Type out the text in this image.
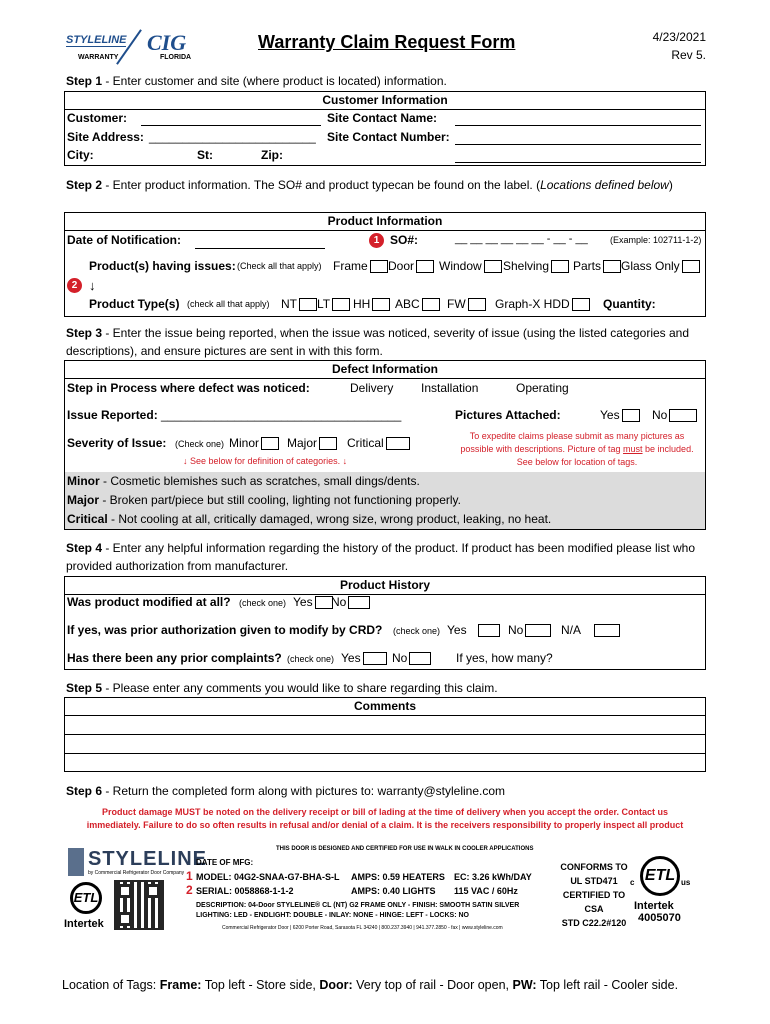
STYLELINE CIG
WARRANTY	FLORIDA
Warranty Claim Request Form	4/23/2021
Rev 5.
Step 1 - Enter customer and site (where product is located) information.
Customer Information
Customer:	Site Contact Name:
Site Address: _________________________ Site Contact Number:
City:	St:	Zip:
Step 2 - Enter product information. The SO# and product typecan be found on the label. (Locations defined below)
Product Information
Date of Notification:	1 SO#:	__ __ __ __ __ __ - __ - __ (Example: 102711-1-2)
Product(s) having issues: (Check all that apply) Frame	Door	Window	Shelving	Parts	Glass Only
2 ↓
Product Type(s) (check all that apply) NT	LT	HH	ABC	FW	Graph-X HDD	Quantity:
Step 3 - Enter the issue being reported, when the issue was noticed, severity of issue (using the listed categories and descriptions), and ensure pictures are sent in with this form.
Defect Information
Step in Process where defect was noticed:	Delivery Installation	Operating
Issue Reported: ____________________________________	Pictures Attached:	Yes	No
Severity of Issue: (Check one) Minor	Major	Critical	To expedite claims please submit as many pictures as
possible with descriptions. Picture of tag must be included.
See below for location of tags.
↓ See below for definition of categories. ↓
Minor - Cosmetic blemishes such as scratches, small dings/dents.
Major - Broken part/piece but still cooling, lighting not functioning properly.
Critical - Not cooling at all, critically damaged, wrong size, wrong product, leaking, no heat.
Step 4 - Enter any helpful information regarding the history of the product. If product has been modified please list who provided authorization from manufacturer.
Product History
Was product modified at all? (check one) Yes	No
If yes, was prior authorization given to modify by CRD? (check one) Yes	No	N/A
Has there been any prior complaints? (check one) Yes	No	If yes, how many?
Step 5 - Please enter any comments you would like to share regarding this claim.
Comments
Step 6 - Return the completed form along with pictures to: warranty@styleline.com
Product damage MUST be noted on the delivery receipt or bill of lading at the time of delivery when you accept the order. Contact us immediately. Failure to do so often results in refusal and/or denial of a claim. It is the receivers responsibility to properly inspect all product
STYLELINE
by Commercial Refrigerator Door Company
ETL
Intertek
THIS DOOR IS DESIGNED AND CERTIFIED FOR USE IN WALK IN COOLER APPLICATIONS
DATE OF MFG:
1 MODEL: 04G2-SNAA-G7-BHA-S-L
2 SERIAL: 0058868-1-1-2
AMPS: 0.59 HEATERS
AMPS: 0.40 LIGHTS
EC: 3.26 kWh/DAY
115 VAC / 60Hz
DESCRIPTION: 04-Door STYLELINE® CL (NT) G2 FRAME ONLY - FINISH: SMOOTH SATIN SILVER
LIGHTING: LED - ENDLIGHT: DOUBLE - INLAY: NONE - HINGE: LEFT - LOCKS: NO
Commercial Refrigerator Door | 6200 Porter Road, Sarasota FL 34240 | 800.237.3940 | 941.377.2850 - fax | www.styleline.com
CONFORMS TO
UL STD471
CERTIFIED TO CSA
STD C22.2#120
c ETL us
Intertek
4005070
Location of Tags: Frame: Top left - Store side, Door: Very top of rail - Door open, PW: Top left rail - Cooler side.
